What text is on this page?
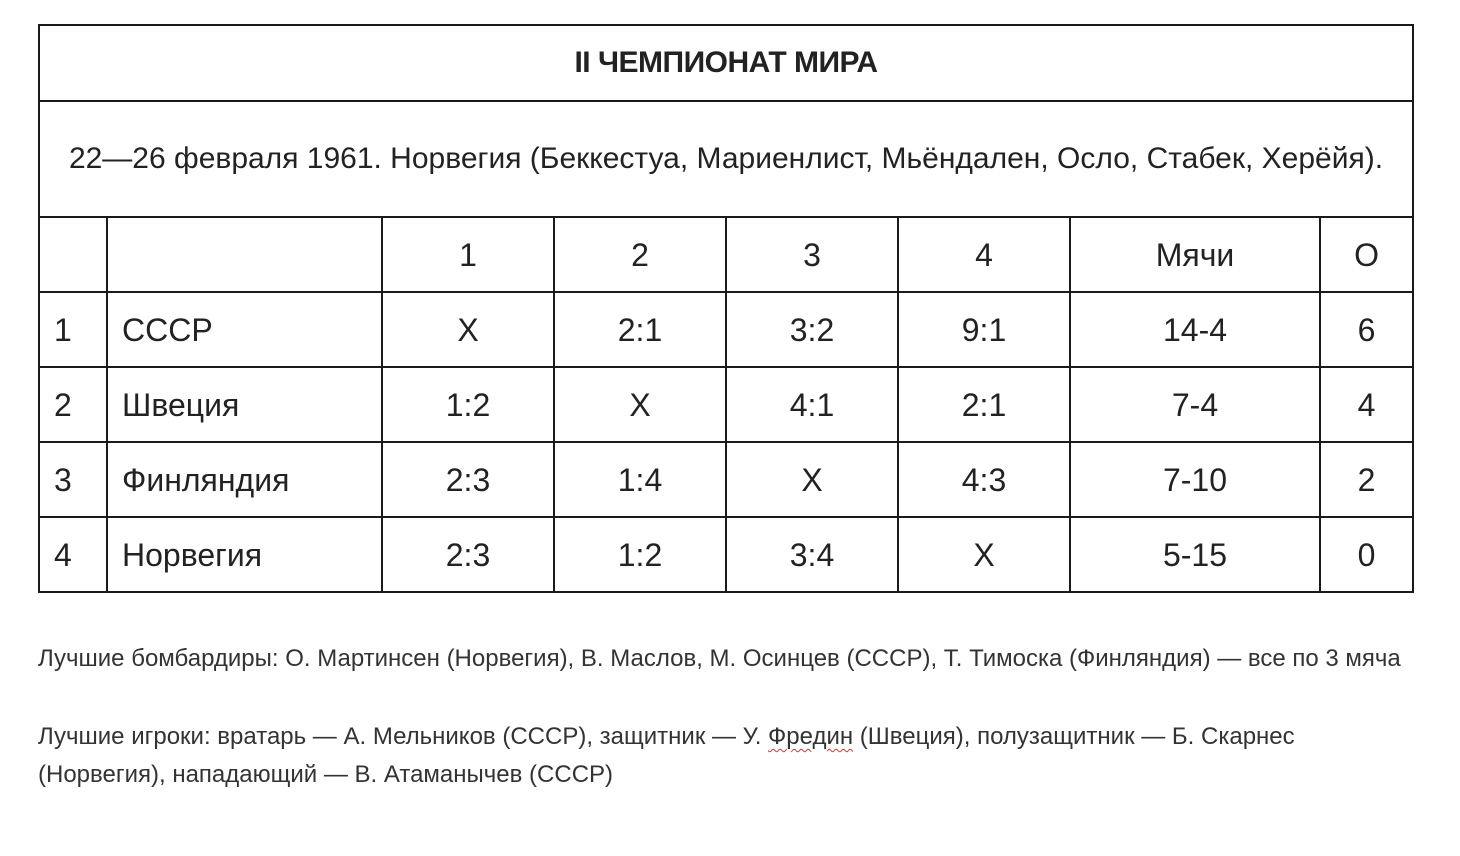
II ЧЕМПИОНАТ МИРА							
22—26 февраля 1961. Норвегия (Беккестуа, Мариенлист, Мьёндален, Осло, Стабек, Херёйя).							
		1	2	3	4	Мячи	О
1	СССР	Х	2:1	3:2	9:1	14-4	6
2	Швеция	1:2	Х	4:1	2:1	7-4	4
3	Финляндия	2:3	1:4	Х	4:3	7-10	2
4	Норвегия	2:3	1:2	3:4	Х	5-15	0

Лучшие бомбардиры: О. Мартинсен (Норвегия), В. Маслов, М. Осинцев (СССР), Т. Тимоска (Финляндия) — все по 3 мяча

Лучшие игроки: вратарь — А. Мельников (СССР), защитник — У. Фредин (Швеция), полузащитник — Б. Скарнес (Норвегия), нападающий — В. Атаманычев (СССР)
